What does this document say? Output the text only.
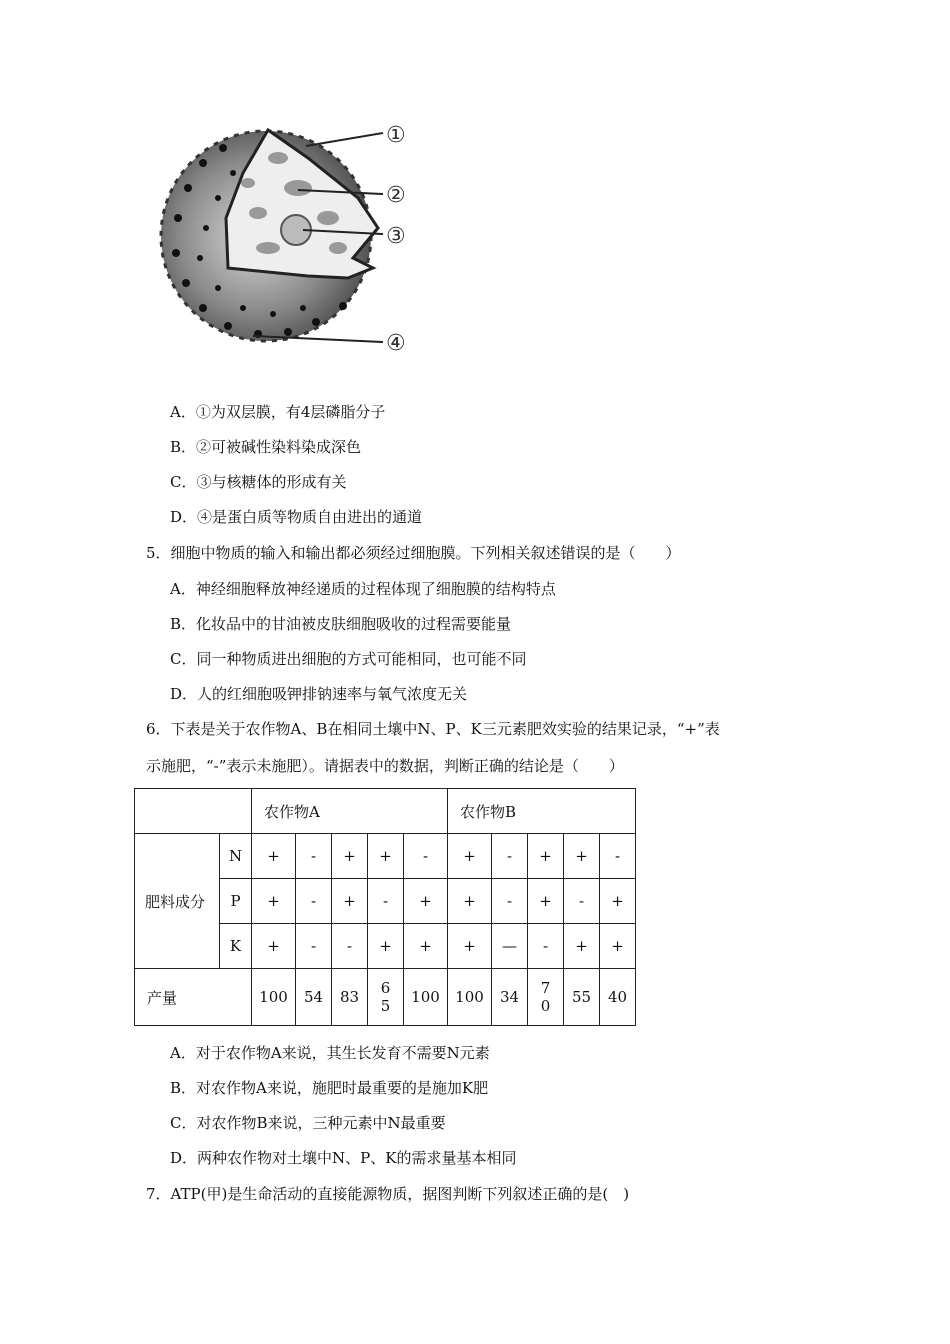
①
②
③
④
A．①为双层膜，有4层磷脂分子
B．②可被碱性染料染成深色
C．③与核糖体的形成有关
D．④是蛋白质等物质自由进出的通道
5．细胞中物质的输入和输出都必须经过细胞膜。下列相关叙述错误的是（　　）
A．神经细胞释放神经递质的过程体现了细胞膜的结构特点
B．化妆品中的甘油被皮肤细胞吸收的过程需要能量
C．同一种物质进出细胞的方式可能相同，也可能不同
D．人的红细胞吸钾排钠速率与氧气浓度无关
6．下表是关于农作物A、B在相同土壤中N、P、K三元素肥效实验的结果记录，“+”表
示施肥，“-”表示未施肥）。请据表中的数据，判断正确的结论是（　　）
		农作物A					农作物B				
肥料成分	N	+	-	+	+	-	+	-	+	+	-
	P	+	-	+	-	+	+	-	+	-	+
	K	+	-	-	+	+	+	—	-	+	+
产量		100	54	83	65	100	100	34	70	55	40
A．对于农作物A来说，其生长发育不需要N元素
B．对农作物A来说，施肥时最重要的是施加K肥
C．对农作物B来说，三种元素中N最重要
D．两种农作物对土壤中N、P、K的需求量基本相同
7．ATP(甲)是生命活动的直接能源物质，据图判断下列叙述正确的是(　)
